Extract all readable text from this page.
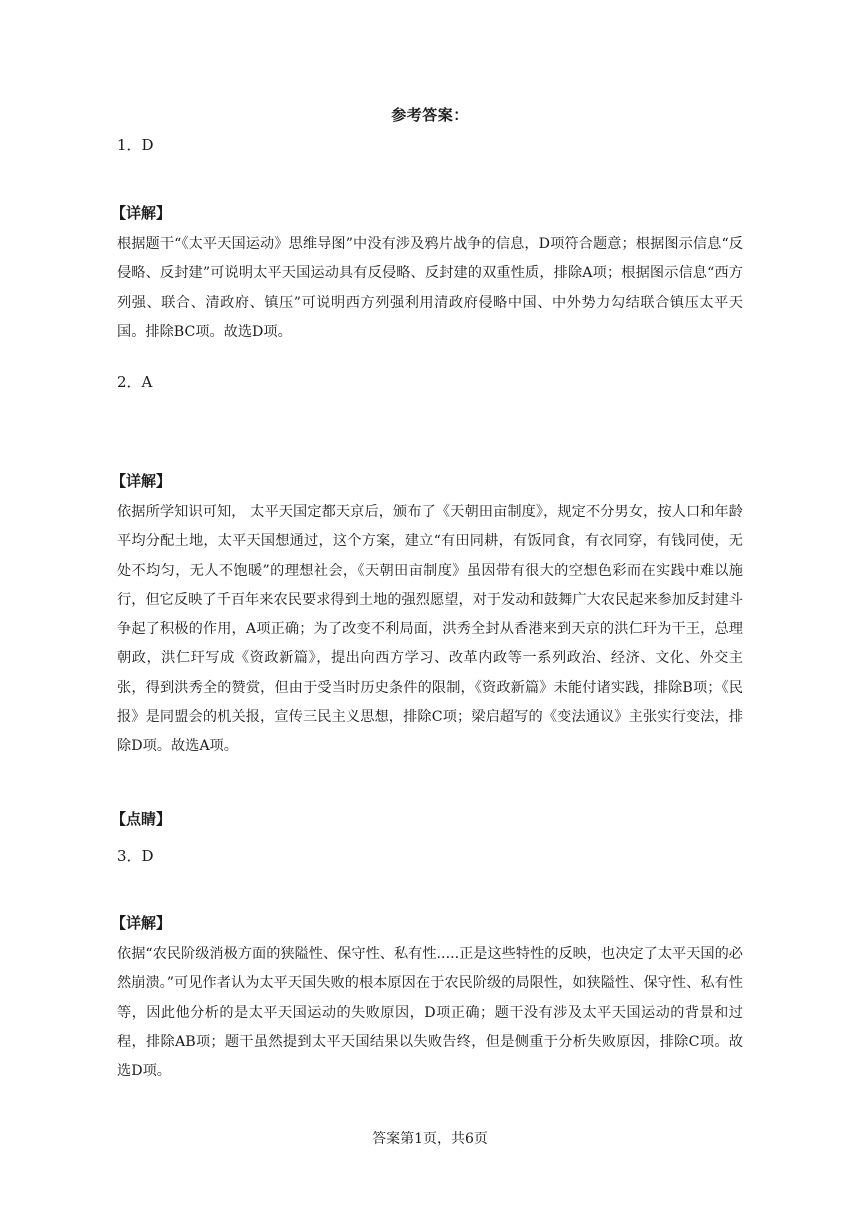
参考答案：
1．D
【详解】
根据题干“《太平天国运动》思维导图”中没有涉及鸦片战争的信息，D项符合题意；根据图示信息“反侵略、反封建”可说明太平天国运动具有反侵略、反封建的双重性质，排除A项；根据图示信息“西方列强、联合、清政府、镇压”可说明西方列强利用清政府侵略中国、中外势力勾结联合镇压太平天国。排除BC项。故选D项。
2．A
【详解】
依据所学知识可知， 太平天国定都天京后，颁布了《天朝田亩制度》，规定不分男女，按人口和年龄平均分配土地，太平天国想通过，这个方案，建立“有田同耕，有饭同食，有衣同穿，有钱同使，无处不均匀，无人不饱暖”的理想社会，《天朝田亩制度》虽因带有很大的空想色彩而在实践中难以施行，但它反映了千百年来农民要求得到土地的强烈愿望，对于发动和鼓舞广大农民起来参加反封建斗争起了积极的作用，A项正确；为了改变不利局面，洪秀全封从香港来到天京的洪仁玕为干王，总理朝政，洪仁玕写成《资政新篇》，提出向西方学习、改革内政等一系列政治、经济、文化、外交主张，得到洪秀全的赞赏，但由于受当时历史条件的限制，《资政新篇》未能付诸实践，排除B项；《民报》是同盟会的机关报，宣传三民主义思想，排除C项；梁启超写的《变法通议》主张实行变法，排除D项。故选A项。
【点睛】
3．D
【详解】
依据“农民阶级消极方面的狭隘性、保守性、私有性.....正是这些特性的反映，也决定了太平天国的必然崩溃。”可见作者认为太平天国失败的根本原因在于农民阶级的局限性，如狭隘性、保守性、私有性等，因此他分析的是太平天国运动的失败原因，D项正确；题干没有涉及太平天国运动的背景和过程，排除AB项；题干虽然提到太平天国结果以失败告终，但是侧重于分析失败原因，排除C项。故选D项。
答案第1页，共6页
